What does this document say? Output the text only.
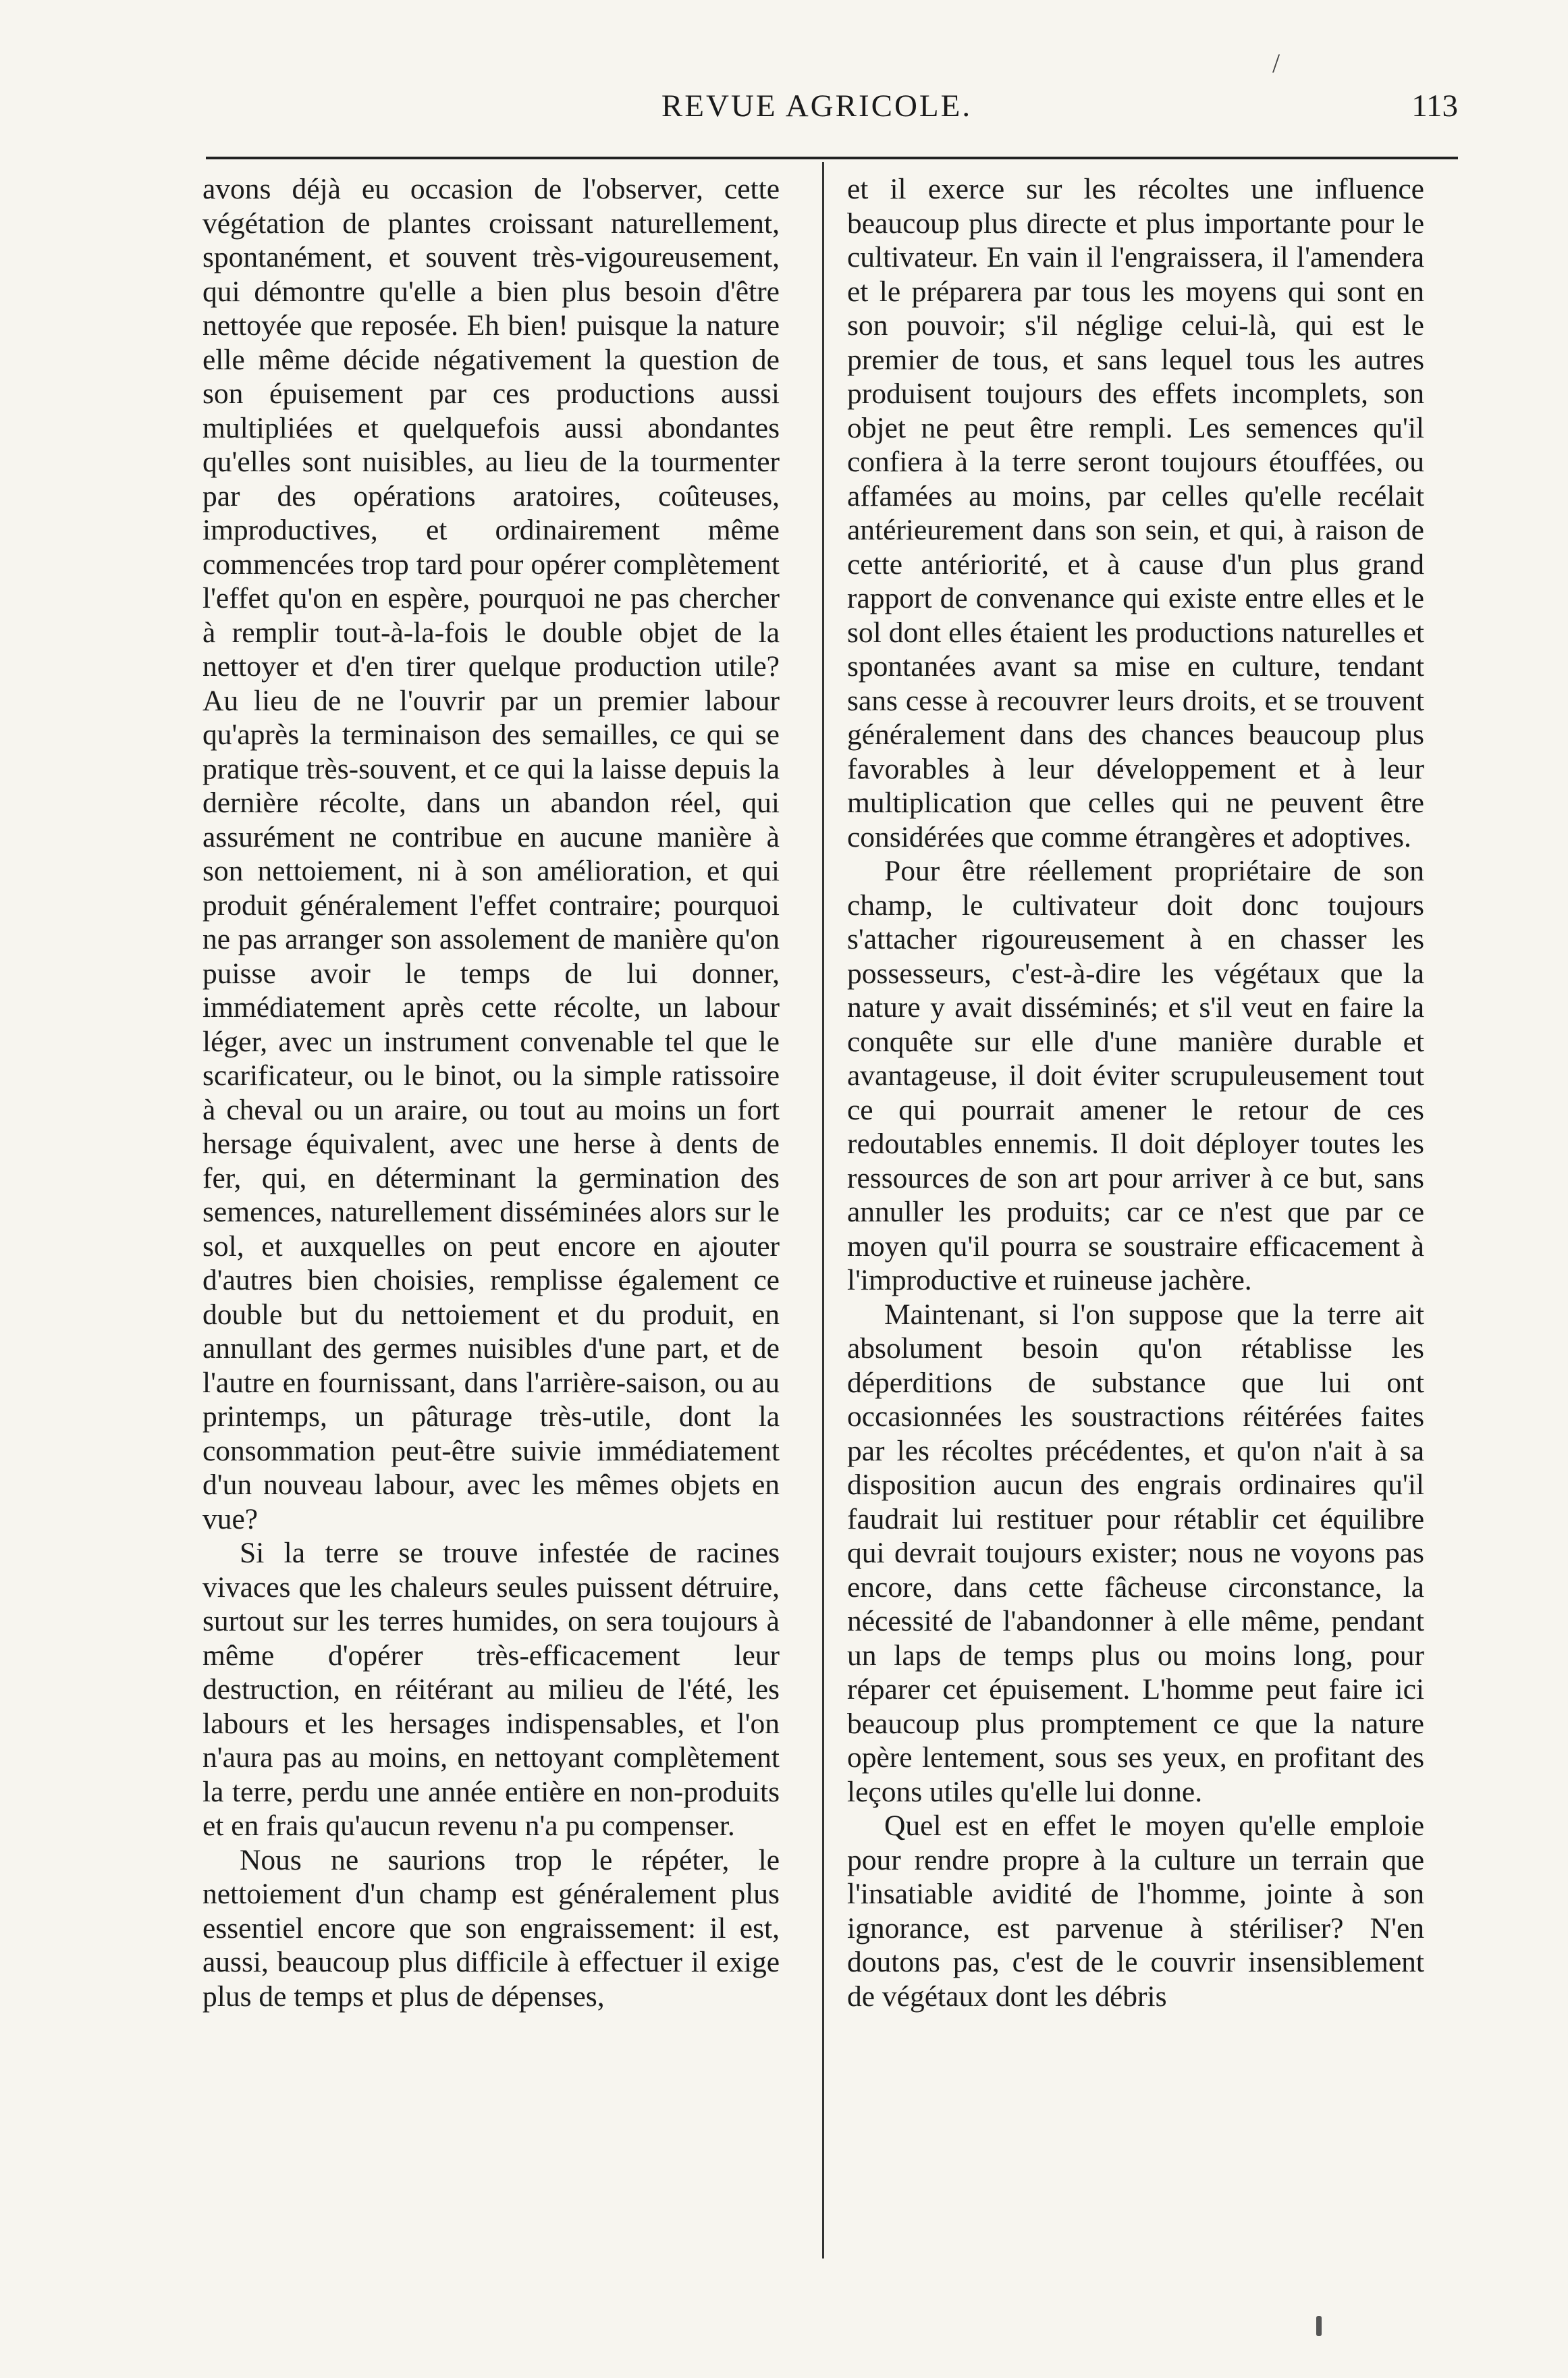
/
REVUE AGRICOLE.	113

avons déjà eu occasion de l'observer, cette végétation de plantes croissant naturellement, spontanément, et souvent très-vigoureusement, qui démontre qu'elle a bien plus besoin d'être nettoyée que reposée. Eh bien! puisque la nature elle même décide négativement la question de son épuisement par ces productions aussi multipliées et quelquefois aussi abondantes qu'elles sont nuisibles, au lieu de la tourmenter par des opérations aratoires, coûteuses, improductives, et ordinairement même commencées trop tard pour opérer complètement l'effet qu'on en espère, pourquoi ne pas chercher à remplir tout-à-la-fois le double objet de la nettoyer et d'en tirer quelque production utile? Au lieu de ne l'ouvrir par un premier labour qu'après la terminaison des semailles, ce qui se pratique très-souvent, et ce qui la laisse depuis la dernière récolte, dans un abandon réel, qui assurément ne contribue en aucune manière à son nettoiement, ni à son amélioration, et qui produit généralement l'effet contraire; pourquoi ne pas arranger son assolement de manière qu'on puisse avoir le temps de lui donner, immédiatement après cette récolte, un labour léger, avec un instrument convenable tel que le scarificateur, ou le binot, ou la simple ratissoire à cheval ou un araire, ou tout au moins un fort hersage équivalent, avec une herse à dents de fer, qui, en déterminant la germination des semences, naturellement disséminées alors sur le sol, et auxquelles on peut encore en ajouter d'autres bien choisies, remplisse également ce double but du nettoiement et du produit, en annullant des germes nuisibles d'une part, et de l'autre en fournissant, dans l'arrière-saison, ou au printemps, un pâturage très-utile, dont la consommation peut-être suivie immédiatement d'un nouveau labour, avec les mêmes objets en vue?

Si la terre se trouve infestée de racines vivaces que les chaleurs seules puissent détruire, surtout sur les terres humides, on sera toujours à même d'opérer très-efficacement leur destruction, en réitérant au milieu de l'été, les labours et les hersages indispensables, et l'on n'aura pas au moins, en nettoyant complètement la terre, perdu une année entière en non-produits et en frais qu'aucun revenu n'a pu compenser.

Nous ne saurions trop le répéter, le nettoiement d'un champ est généralement plus essentiel encore que son engraissement: il est, aussi, beaucoup plus difficile à effectuer il exige plus de temps et plus de dépenses,

et il exerce sur les récoltes une influence beaucoup plus directe et plus importante pour le cultivateur. En vain il l'engraissera, il l'amendera et le préparera par tous les moyens qui sont en son pouvoir; s'il néglige celui-là, qui est le premier de tous, et sans lequel tous les autres produisent toujours des effets incomplets, son objet ne peut être rempli. Les semences qu'il confiera à la terre seront toujours étouffées, ou affamées au moins, par celles qu'elle recélait antérieurement dans son sein, et qui, à raison de cette antériorité, et à cause d'un plus grand rapport de convenance qui existe entre elles et le sol dont elles étaient les productions naturelles et spontanées avant sa mise en culture, tendant sans cesse à recouvrer leurs droits, et se trouvent généralement dans des chances beaucoup plus favorables à leur développement et à leur multiplication que celles qui ne peuvent être considérées que comme étrangères et adoptives.

Pour être réellement propriétaire de son champ, le cultivateur doit donc toujours s'attacher rigoureusement à en chasser les possesseurs, c'est-à-dire les végétaux que la nature y avait disséminés; et s'il veut en faire la conquête sur elle d'une manière durable et avantageuse, il doit éviter scrupuleusement tout ce qui pourrait amener le retour de ces redoutables ennemis. Il doit déployer toutes les ressources de son art pour arriver à ce but, sans annuller les produits; car ce n'est que par ce moyen qu'il pourra se soustraire efficacement à l'improductive et ruineuse jachère.

Maintenant, si l'on suppose que la terre ait absolument besoin qu'on rétablisse les déperditions de substance que lui ont occasionnées les soustractions réitérées faites par les récoltes précédentes, et qu'on n'ait à sa disposition aucun des engrais ordinaires qu'il faudrait lui restituer pour rétablir cet équilibre qui devrait toujours exister; nous ne voyons pas encore, dans cette fâcheuse circonstance, la nécessité de l'abandonner à elle même, pendant un laps de temps plus ou moins long, pour réparer cet épuisement. L'homme peut faire ici beaucoup plus promptement ce que la nature opère lentement, sous ses yeux, en profitant des leçons utiles qu'elle lui donne.

Quel est en effet le moyen qu'elle emploie pour rendre propre à la culture un terrain que l'insatiable avidité de l'homme, jointe à son ignorance, est parvenue à stériliser? N'en doutons pas, c'est de le couvrir insensiblement de végétaux dont les débris
